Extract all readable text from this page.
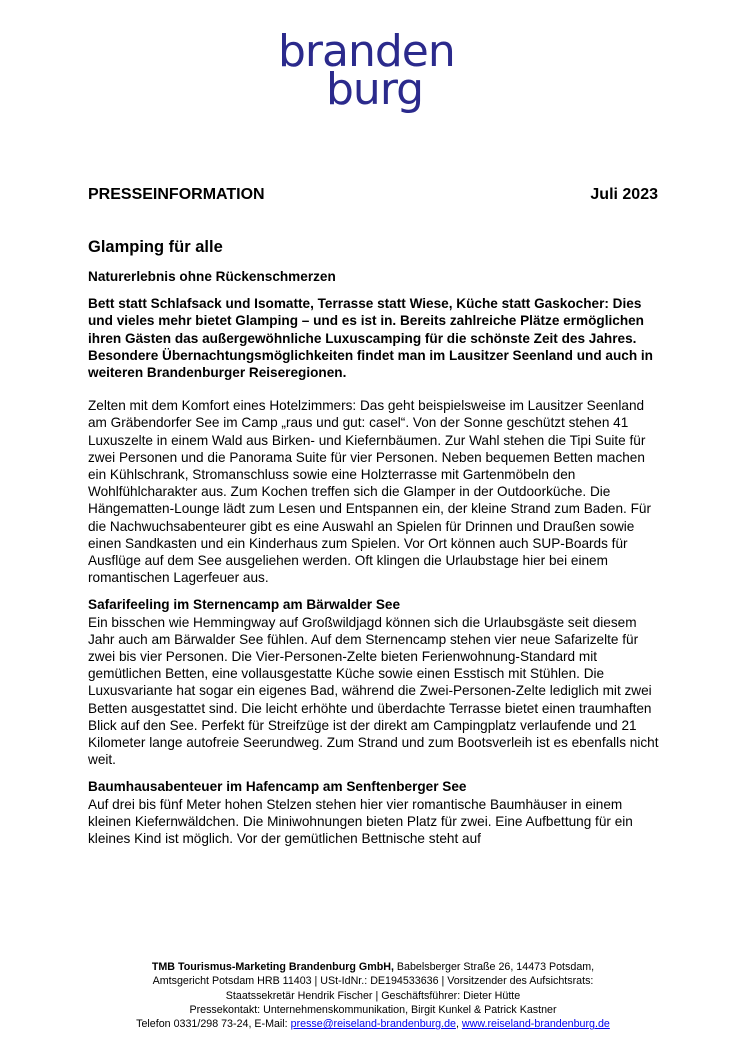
branden
burg
PRESSEINFORMATION	Juli 2023
Glamping für alle
Naturerlebnis ohne Rückenschmerzen

Bett statt Schlafsack und Isomatte, Terrasse statt Wiese, Küche statt Gaskocher: Dies und vieles mehr bietet Glamping – und es ist in. Bereits zahlreiche Plätze ermöglichen ihren Gästen das außergewöhnliche Luxuscamping für die schönste Zeit des Jahres. Besondere Übernachtungsmöglichkeiten findet man im Lausitzer Seenland und auch in weiteren Brandenburger Reiseregionen.

Zelten mit dem Komfort eines Hotelzimmers: Das geht beispielsweise im Lausitzer Seenland am Gräbendorfer See im Camp „raus und gut: casel“. Von der Sonne geschützt stehen 41 Luxuszelte in einem Wald aus Birken- und Kiefernbäumen. Zur Wahl stehen die Tipi Suite für zwei Personen und die Panorama Suite für vier Personen. Neben bequemen Betten machen ein Kühlschrank, Stromanschluss sowie eine Holzterrasse mit Gartenmöbeln den Wohlfühlcharakter aus. Zum Kochen treffen sich die Glamper in der Outdoorküche. Die Hängematten-Lounge lädt zum Lesen und Entspannen ein, der kleine Strand zum Baden. Für die Nachwuchsabenteurer gibt es eine Auswahl an Spielen für Drinnen und Draußen sowie einen Sandkasten und ein Kinderhaus zum Spielen. Vor Ort können auch SUP-Boards für Ausflüge auf dem See ausgeliehen werden. Oft klingen die Urlaubstage hier bei einem romantischen Lagerfeuer aus.

Safarifeeling im Sternencamp am Bärwalder See

Ein bisschen wie Hemmingway auf Großwildjagd können sich die Urlaubsgäste seit diesem Jahr auch am Bärwalder See fühlen. Auf dem Sternencamp stehen vier neue Safarizelte für zwei bis vier Personen. Die Vier-Personen-Zelte bieten Ferienwohnung-Standard mit gemütlichen Betten, eine vollausgestatte Küche sowie einen Esstisch mit Stühlen. Die Luxusvariante hat sogar ein eigenes Bad, während die Zwei-Personen-Zelte lediglich mit zwei Betten ausgestattet sind. Die leicht erhöhte und überdachte Terrasse bietet einen traumhaften Blick auf den See. Perfekt für Streifzüge ist der direkt am Campingplatz verlaufende und 21 Kilometer lange autofreie Seerundweg. Zum Strand und zum Bootsverleih ist es ebenfalls nicht weit.

Baumhausabenteuer im Hafencamp am Senftenberger See

Auf drei bis fünf Meter hohen Stelzen stehen hier vier romantische Baumhäuser in einem kleinen Kiefernwäldchen. Die Miniwohnungen bieten Platz für zwei. Eine Aufbettung für ein kleines Kind ist möglich. Vor der gemütlichen Bettnische steht auf

TMB Tourismus-Marketing Brandenburg GmbH, Babelsberger Straße 26, 14473 Potsdam,
Amtsgericht Potsdam HRB 11403 | USt-IdNr.: DE194533636 | Vorsitzender des Aufsichtsrats:
Staatssekretär Hendrik Fischer | Geschäftsführer: Dieter Hütte
Pressekontakt: Unternehmenskommunikation, Birgit Kunkel & Patrick Kastner
Telefon 0331/298 73-24, E-Mail: presse@reiseland-brandenburg.de, www.reiseland-brandenburg.de
